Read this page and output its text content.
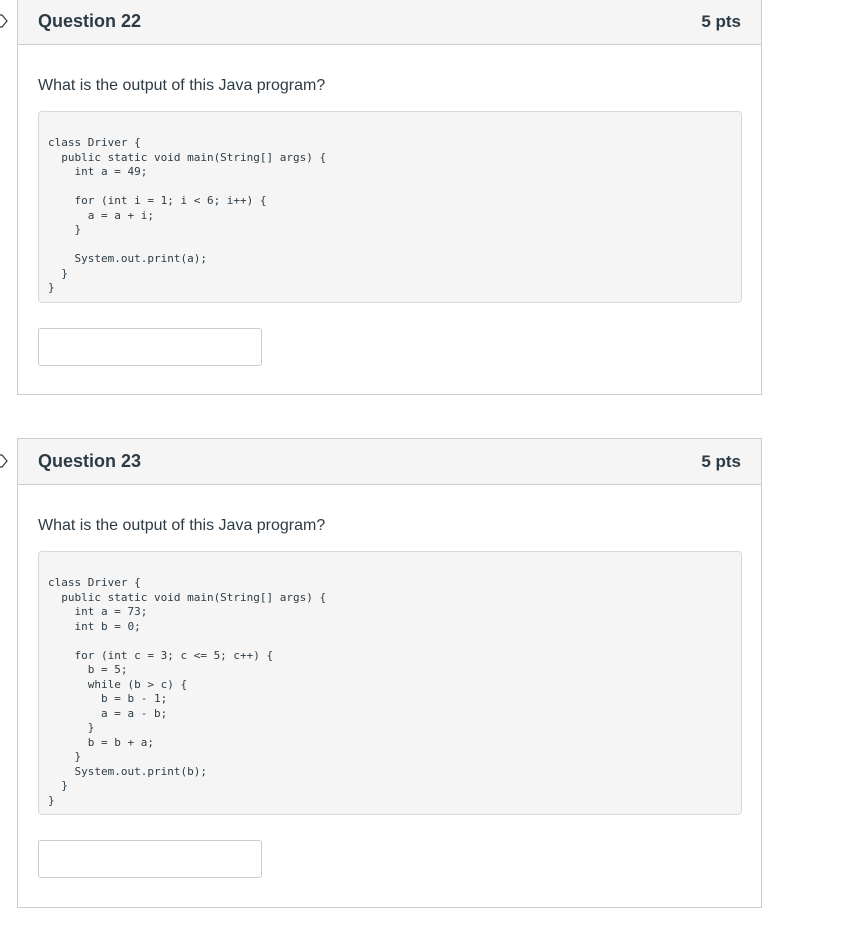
Question 22	5 pts
What is the output of this Java program?
class Driver {
public static void main(String[] args) {
int a = 49;

for (int i = 1; i < 6; i++) {
a = a + i;
}

System.out.print(a);
}
}
Question 23	5 pts
What is the output of this Java program?
class Driver {
public static void main(String[] args) {
int a = 73;
int b = 0;

for (int c = 3; c <= 5; c++) {
b = 5;
while (b > c) {
b = b - 1;
a = a - b;
}
b = b + a;
}
System.out.print(b);
}
}
